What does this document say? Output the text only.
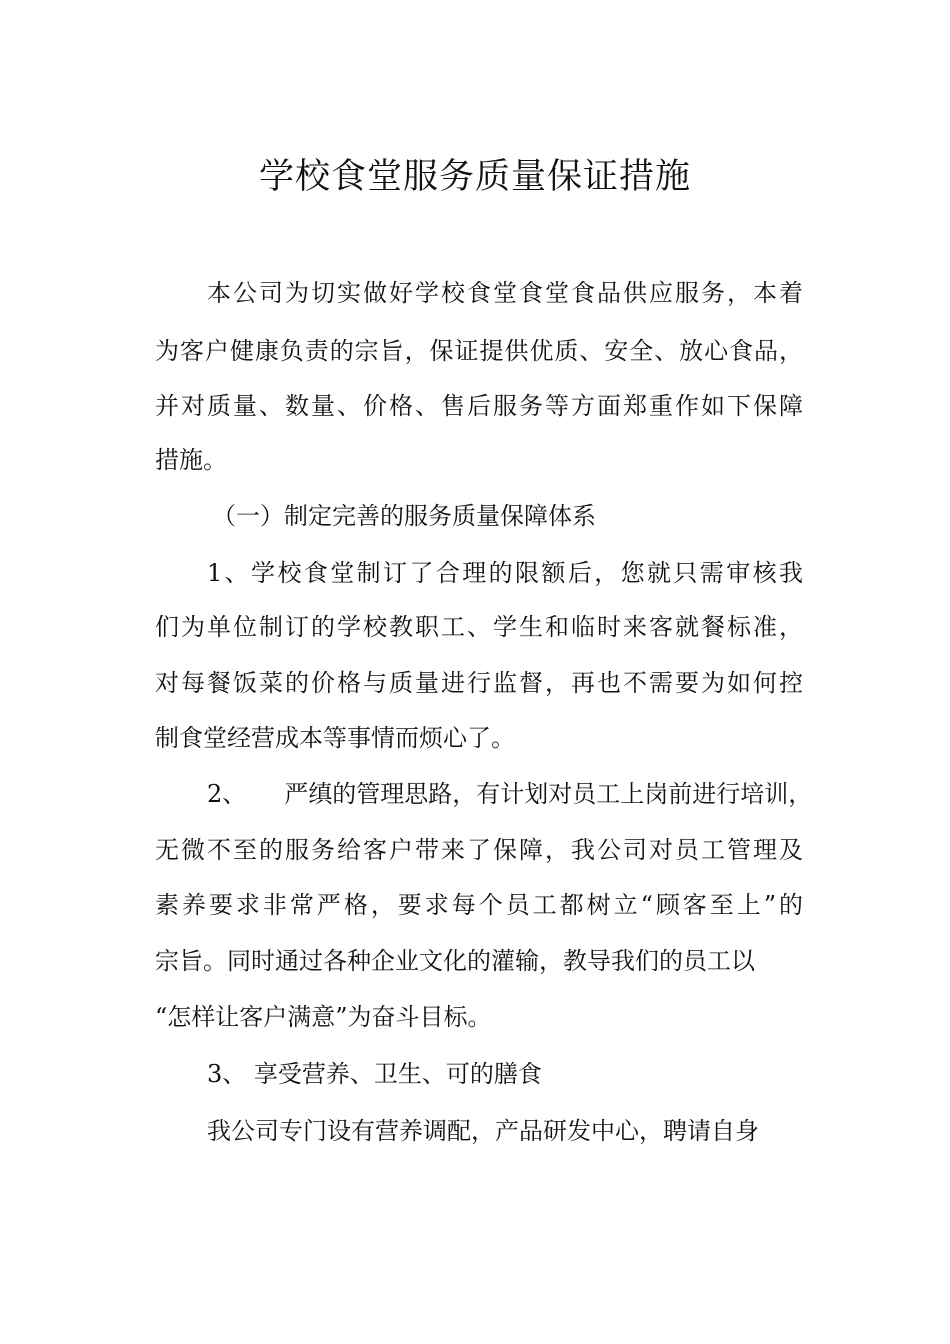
学校食堂服务质量保证措施

本公司为切实做好学校食堂食堂食品供应服务，本着

为客户健康负责的宗旨，保证提供优质、安全、放心食品，

并对质量、数量、价格、售后服务等方面郑重作如下保障

措施。

（一）制定完善的服务质量保障体系

1、学校食堂制订了合理的限额后，您就只需审核我

们为单位制订的学校教职工、学生和临时来客就餐标准，

对每餐饭菜的价格与质量进行监督，再也不需要为如何控

制食堂经营成本等事情而烦心了。

2、 严缜的管理思路，有计划对员工上岗前进行培训，

无微不至的服务给客户带来了保障，我公司对员工管理及

素养要求非常严格，要求每个员工都树立“顾客至上”的

宗旨。同时通过各种企业文化的灌输，教导我们的员工以

“怎样让客户满意”为奋斗目标。

3、 享受营养、卫生、可的膳食

我公司专门设有营养调配，产品研发中心，聘请自身
